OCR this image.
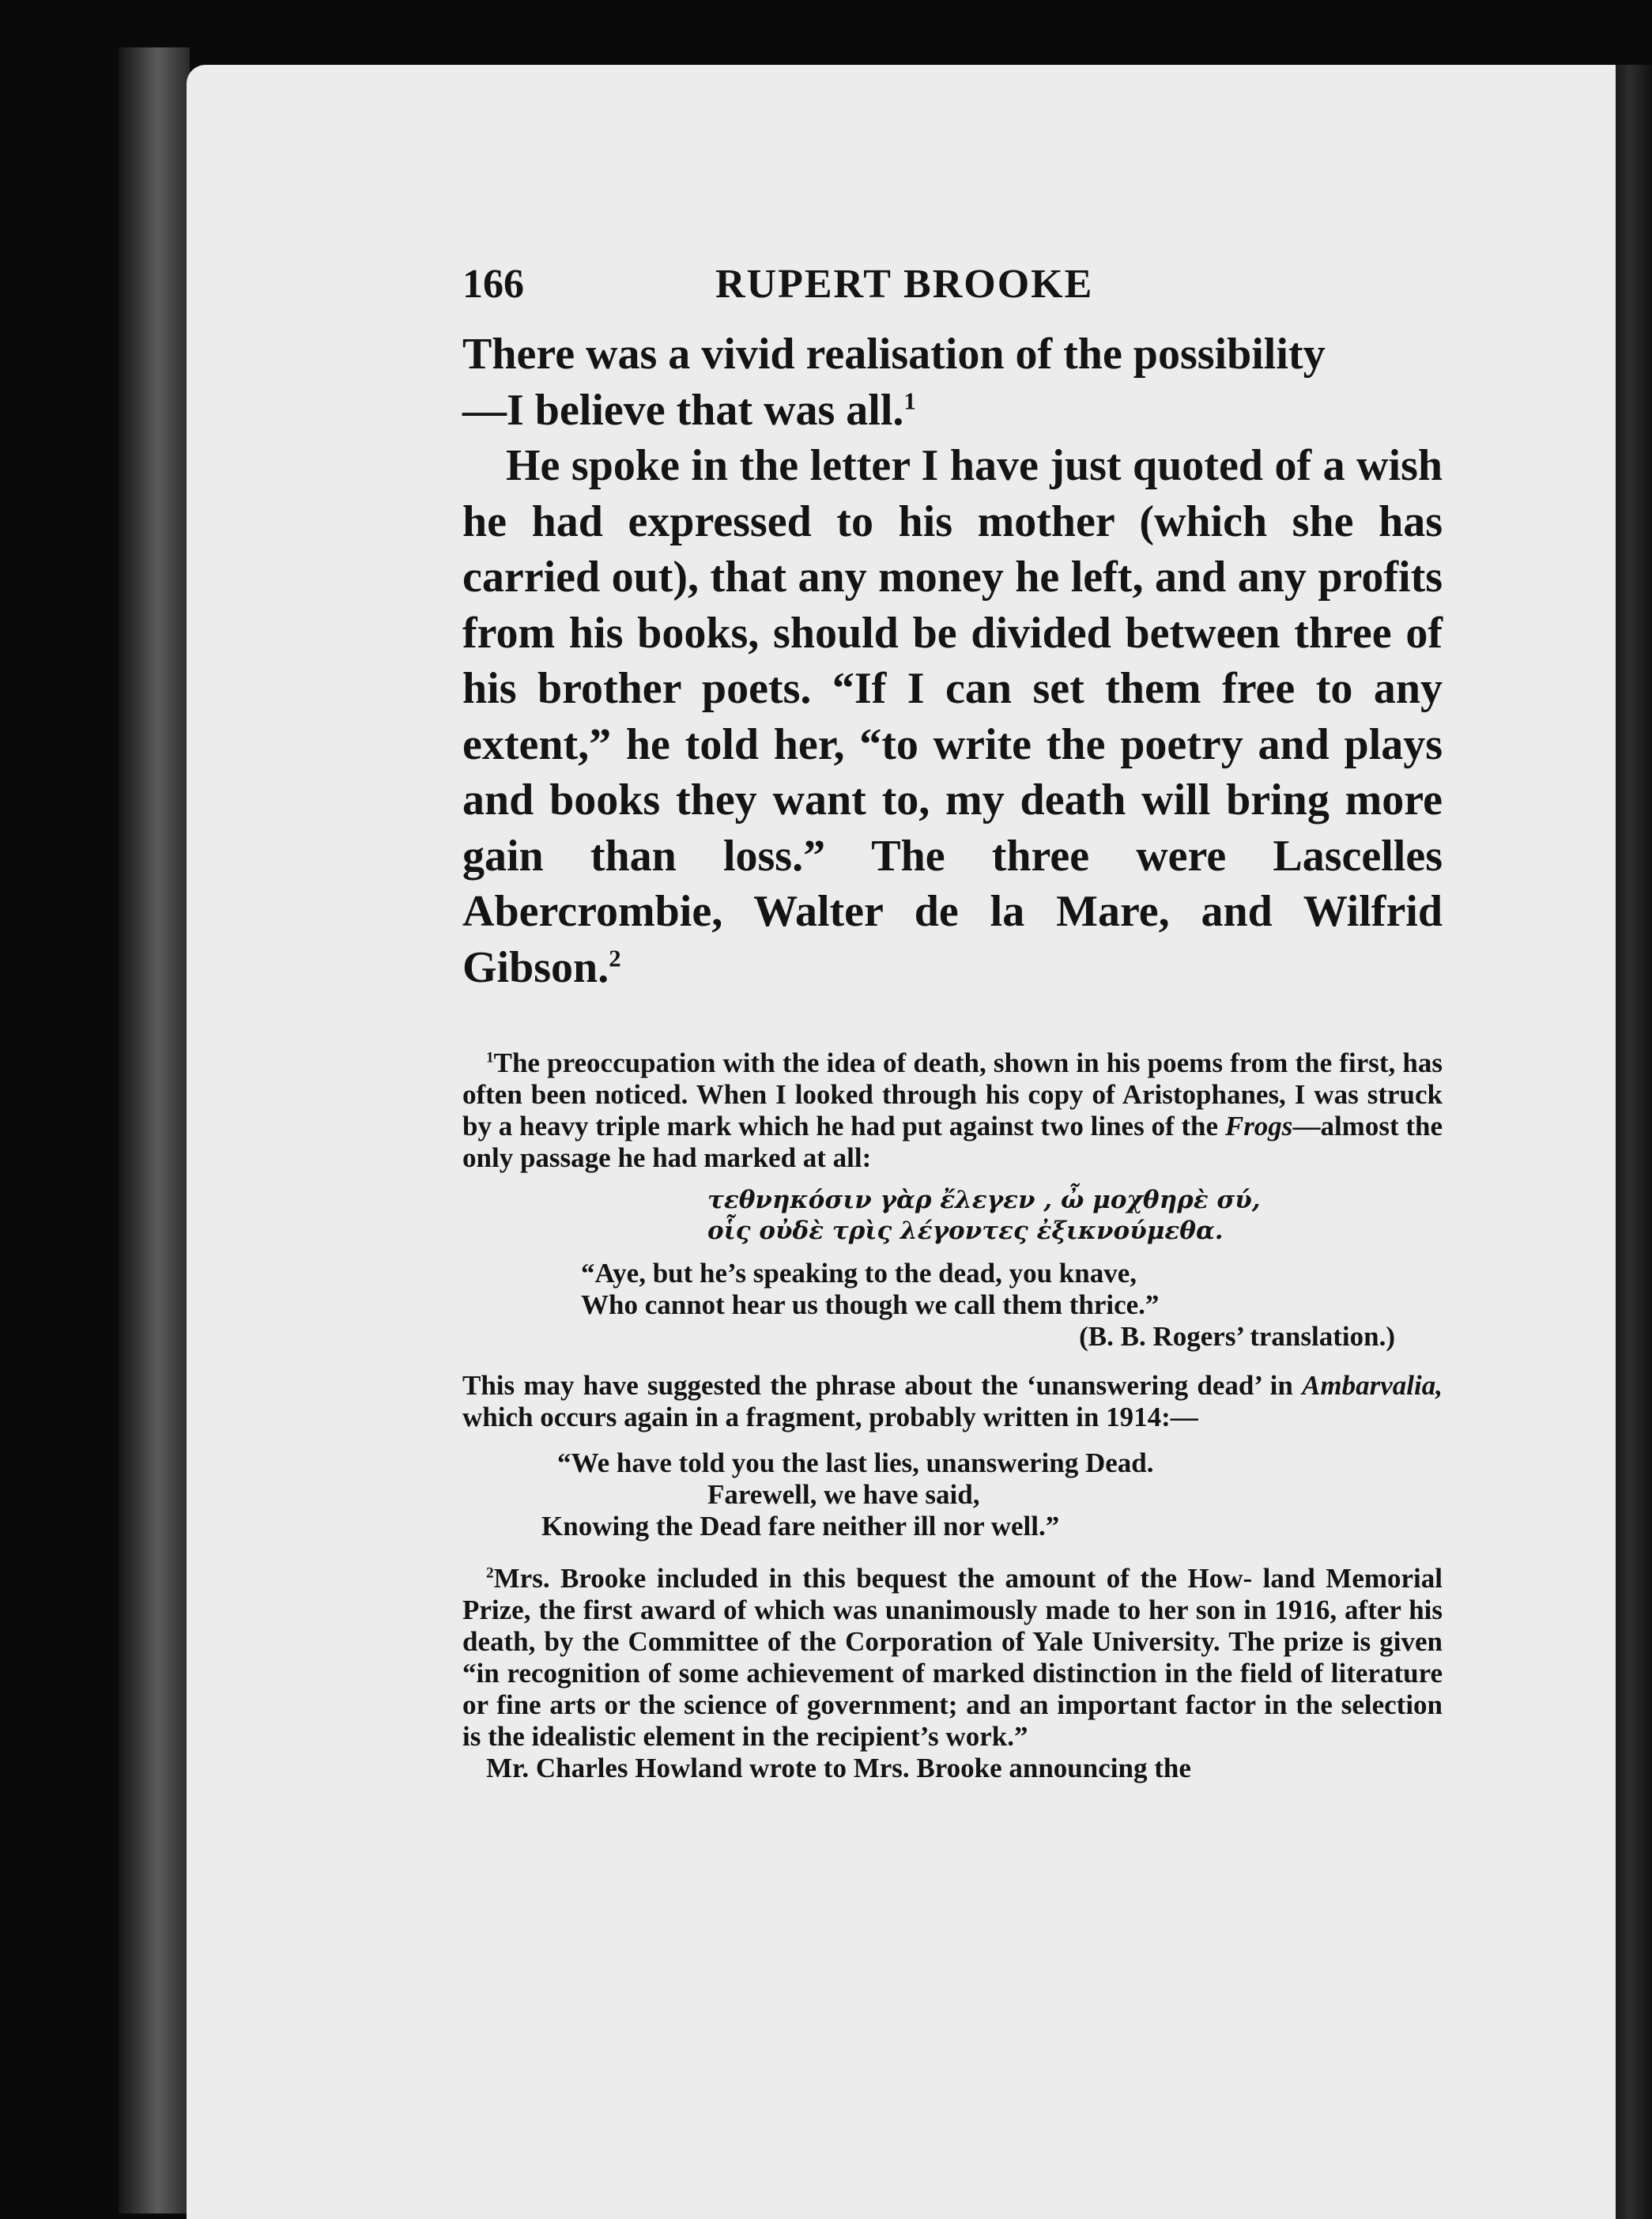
166	RUPERT BROOKE

There was a vivid realisation of the possibility
—I believe that was all.$^1$

He spoke in the letter I have just quoted of a wish he had expressed to his mother (which she has carried out), that any money he left, and any profits from his books, should be divided between three of his brother poets. “If I can set them free to any extent,” he told her, “to write the poetry and plays and books they want to, my death will bring more gain than loss.” The three were Lascelles Abercrombie, Walter de la Mare, and Wilfrid Gibson.$^2$

$^1$The preoccupation with the idea of death, shown in his poems from the first, has often been noticed. When I looked through his copy of Aristophanes, I was struck by a heavy triple mark which he had put against two lines of the Frogs—almost the only passage he had marked at all:

τεθνηκόσιν γὰρ ἔλεγεν , ὦ μοχθηρὲ σύ,
οἷς οὐδὲ τρὶς λέγοντες ἐξικνούμεθα.
“Aye, but he’s speaking to the dead, you knave,
Who cannot hear us though we call them thrice.”
(B. B. Rogers’ translation.)

This may have suggested the phrase about the ‘unanswering dead’ in Ambarvalia, which occurs again in a fragment, probably written in 1914:—

“We have told you the last lies, unanswering Dead.
Farewell, we have said,
Knowing the Dead fare neither ill nor well.”

$^2$Mrs. Brooke included in this bequest the amount of the How- land Memorial Prize, the first award of which was unanimously made to her son in 1916, after his death, by the Committee of the Corporation of Yale University. The prize is given “in recognition of some achievement of marked distinction in the field of literature or fine arts or the science of government; and an important factor in the selection is the idealistic element in the recipient’s work.”

Mr. Charles Howland wrote to Mrs. Brooke announcing the
